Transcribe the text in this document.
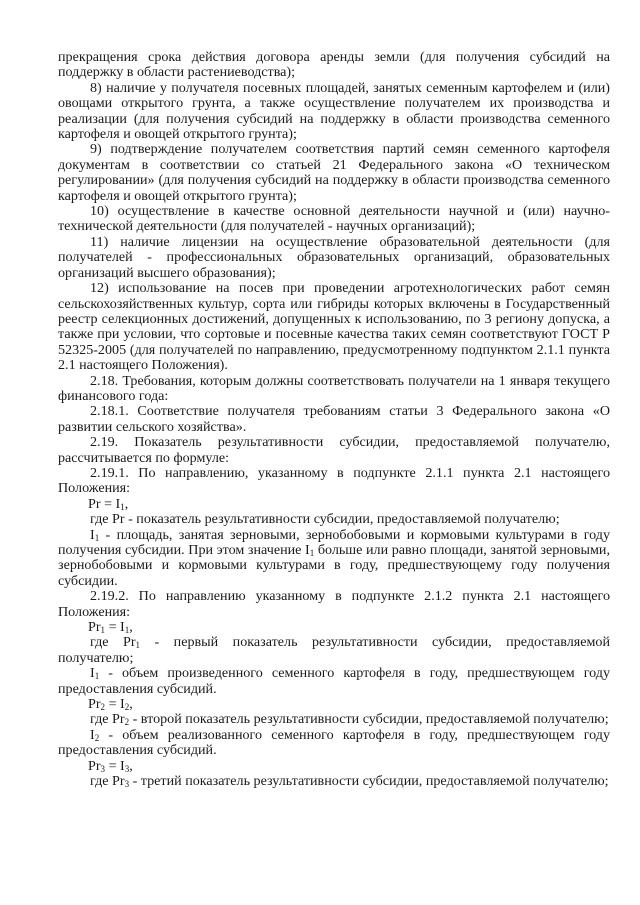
прекращения срока действия договора аренды земли (для получения субсидий на поддержку в области растениеводства);

8) наличие у получателя посевных площадей, занятых семенным картофелем и (или) овощами открытого грунта, а также осуществление получателем их производства и реализации (для получения субсидий на поддержку в области производства семенного картофеля и овощей открытого грунта);

9) подтверждение получателем соответствия партий семян семенного картофеля документам в соответствии со статьей 21 Федерального закона «О техническом регулировании» (для получения субсидий на поддержку в области производства семенного картофеля и овощей открытого грунта);

10) осуществление в качестве основной деятельности научной и (или) научно-технической деятельности (для получателей - научных организаций);

11) наличие лицензии на осуществление образовательной деятельности (для получателей - профессиональных образовательных организаций, образовательных организаций высшего образования);

12) использование на посев при проведении агротехнологических работ семян сельскохозяйственных культур, сорта или гибриды которых включены в Государственный реестр селекционных достижений, допущенных к использованию, по 3 региону допуска, а также при условии, что сортовые и посевные качества таких семян соответствуют ГОСТ Р 52325-2005 (для получателей по направлению, предусмотренному подпунктом 2.1.1 пункта 2.1 настоящего Положения).

2.18. Требования, которым должны соответствовать получатели на 1 января текущего финансового года:

2.18.1. Соответствие получателя требованиям статьи 3 Федерального закона «О развитии сельского хозяйства».

2.19. Показатель результативности субсидии, предоставляемой получателю, рассчитывается по формуле:

2.19.1. По направлению, указанному в подпункте 2.1.1 пункта 2.1 настоящего Положения:

$Pr = I_1$,

где Pr - показатель результативности субсидии, предоставляемой получателю;

$I_1$ - площадь, занятая зерновыми, зернобобовыми и кормовыми культурами в году получения субсидии. При этом значение $I_1$ больше или равно площади, занятой зерновыми, зернобобовыми и кормовыми культурами в году, предшествующему году получения субсидии.

2.19.2. По направлению указанному в подпункте 2.1.2 пункта 2.1 настоящего Положения:

$Pr_1 = I_1$,

где $Pr_1$ - первый показатель результативности субсидии, предоставляемой получателю;

$I_1$ - объем произведенного семенного картофеля в году, предшествующем году предоставления субсидий.

$Pr_2 = I_2$,

где $Pr_2$ - второй показатель результативности субсидии, предоставляемой получателю;

$I_2$ - объем реализованного семенного картофеля в году, предшествующем году предоставления субсидий.

$Pr_3 = I_3$,

где $Pr_3$ - третий показатель результативности субсидии, предоставляемой получателю;
